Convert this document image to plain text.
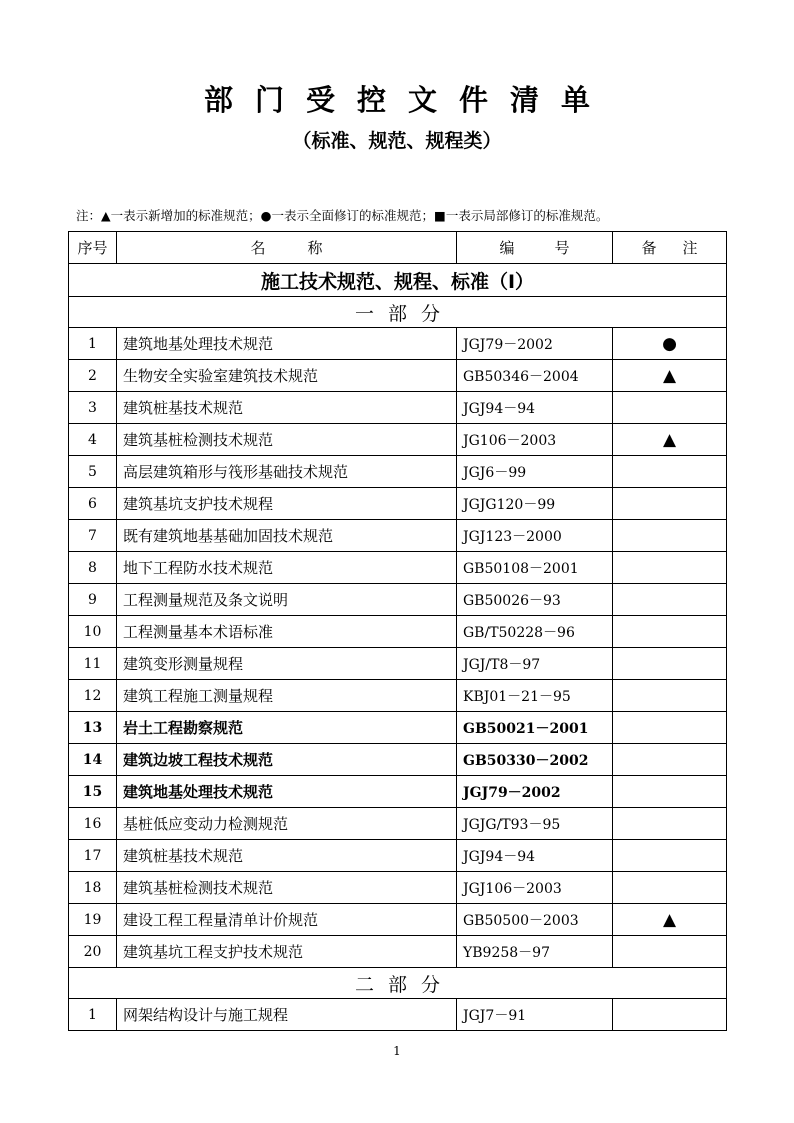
部门受控文件清单
（标准、规范、规程类）
注：▲一表示新增加的标准规范；●一表示全面修订的标准规范；■一表示局部修订的标准规范。
序号	名称	编号	备注
施工技术规范、规程、标准（Ⅰ）			
一部分			
1	建筑地基处理技术规范	JGJ79－2002	●
2	生物安全实验室建筑技术规范	GB50346－2004	▲
3	建筑桩基技术规范	JGJ94－94	
4	建筑基桩检测技术规范	JG106－2003	▲
5	高层建筑箱形与筏形基础技术规范	JGJ6－99	
6	建筑基坑支护技术规程	JGJG120－99	
7	既有建筑地基基础加固技术规范	JGJ123－2000	
8	地下工程防水技术规范	GB50108－2001	
9	工程测量规范及条文说明	GB50026－93	
10	工程测量基本术语标准	GB/T50228－96	
11	建筑变形测量规程	JGJ/T8－97	
12	建筑工程施工测量规程	KBJ01－21－95	
13	岩土工程勘察规范	GB50021－2001	
14	建筑边坡工程技术规范	GB50330－2002	
15	建筑地基处理技术规范	JGJ79－2002	
16	基桩低应变动力检测规范	JGJG/T93－95	
17	建筑桩基技术规范	JGJ94－94	
18	建筑基桩检测技术规范	JGJ106－2003	
19	建设工程工程量清单计价规范	GB50500－2003	▲
20	建筑基坑工程支护技术规范	YB9258－97	
二部分			
1	网架结构设计与施工规程	JGJ7－91	
1
